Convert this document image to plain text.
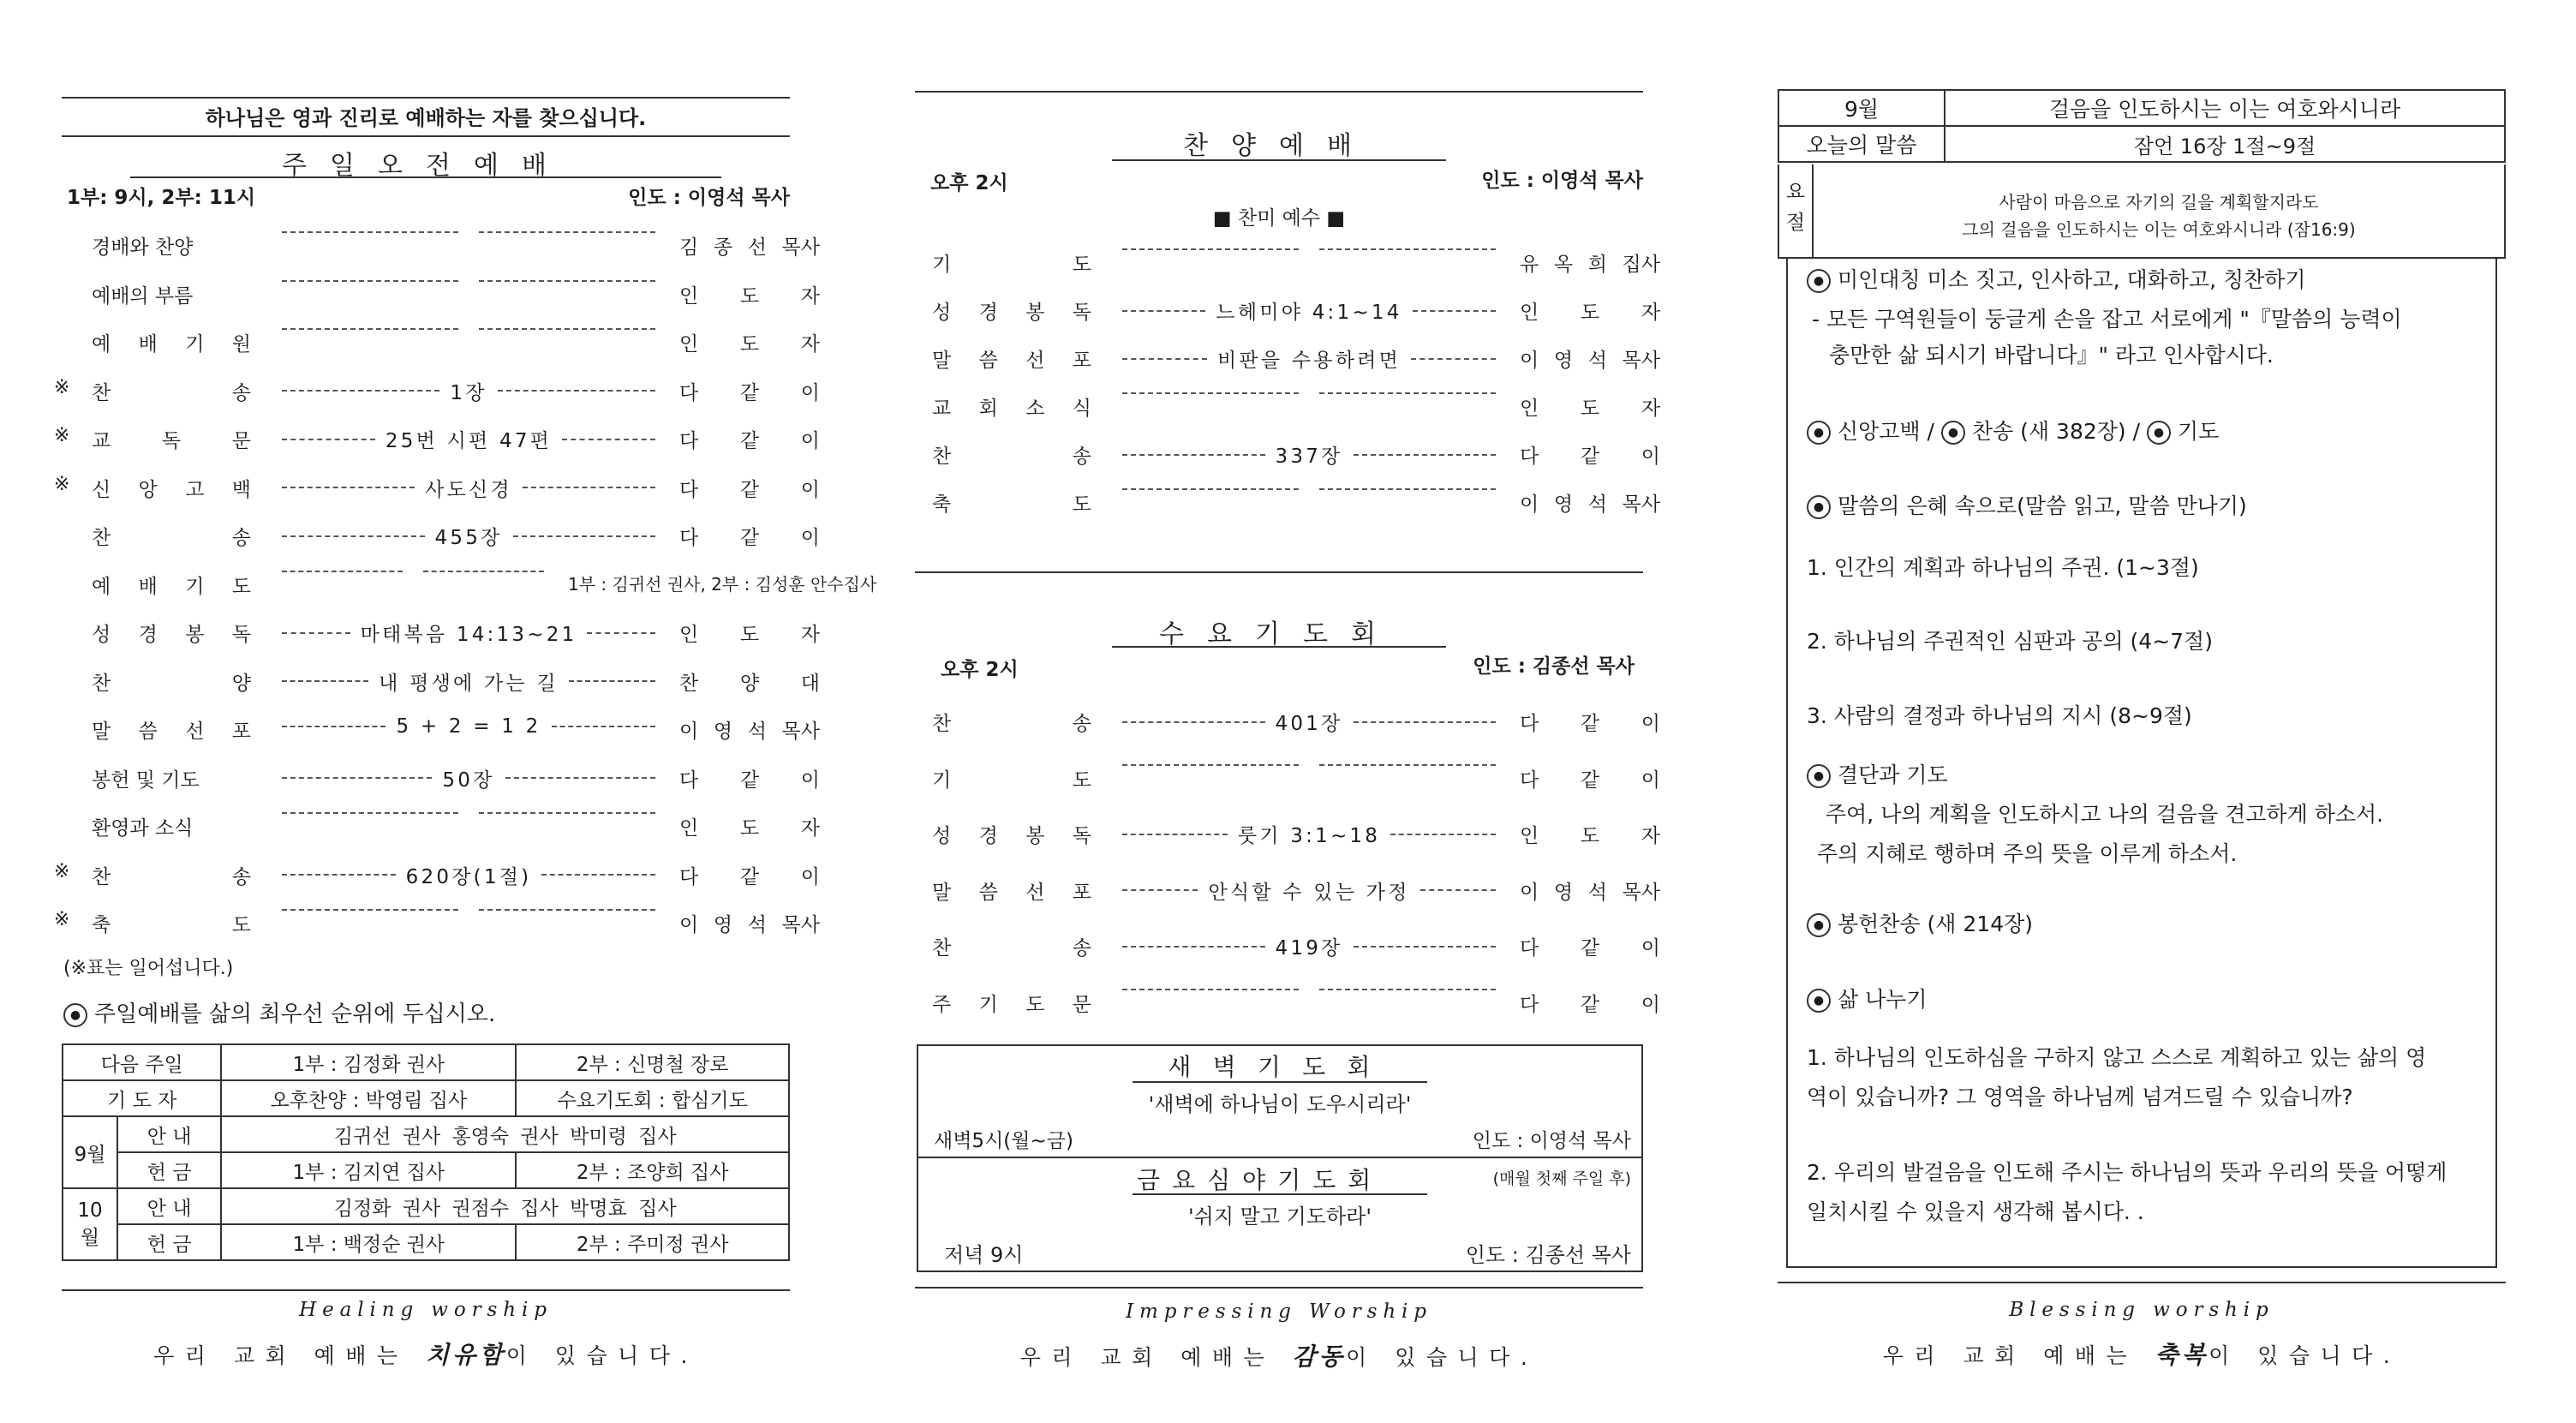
하나님은 영과 진리로 예배하는 자를 찾으십니다.
주일오전예배
1부: 9시, 2부: 11시	인도 : 이영석 목사
경배와 찬양	김 종 선 목사
예배의 부름	인 도 자
예 배 기 원	인 도 자
※ 찬	송	1장	다 같 이
※ 교	독	문	25번 시편 47편	다 같 이
※ 신 앙 고 백	사도신경	다 같 이
찬	송	455장	다 같 이
예 배 기 도	1부 : 김귀선 권사, 2부 : 김성훈 안수집사
성 경 봉 독	마태복음 14:13~21	인 도 자
찬	양	내 평생에 가는 길	찬 양 대
말 씀 선 포	5 + 2 = 1 2	이 영 석 목사
봉헌 및 기도	50장	다 같 이
환영과 소식	인 도 자
※ 찬	송	620장(1절)	다 같 이
※ 축	도	이 영 석 목사
(※표는 일어섭니다.)
● 주일예배를 삶의 최우선 순위에 두십시오.
다음 주일		1부 : 김정화 권사	2부 : 신명철 장로
기 도 자		오후찬양 : 박영림 집사	수요기도회 : 합심기도
9월	안 내	김귀선 권사 홍영숙 권사 박미령 집사	
	헌 금	1부 : 김지연 집사	2부 : 조양희 집사
10월	안 내	김정화 권사 권점수 집사 박명효 집사	
	헌 금	1부 : 백정순 권사	2부 : 주미정 권사
Healing worship
우리 교회 예배는 치유함이 있습니다.
찬양예배
오후 2시	인도 : 이영석 목사
■ 찬미 예수 ■
기	도	유 옥 희 집사
성 경 봉 독	느헤미야 4:1~14	인 도 자
말 씀 선 포	비판을 수용하려면	이 영 석 목사
교 회 소 식	인 도 자
찬	송	337장	다 같 이
축	도	이 영 석 목사
수요기도회
오후 2시	인도 : 김종선 목사
찬	송	401장	다 같 이
기	도	다 같 이
성 경 봉 독	룻기 3:1~18	인 도 자
말 씀 선 포	안식할 수 있는 가정	이 영 석 목사
찬	송	419장	다 같 이
주 기 도 문	다 같 이
새벽기도회
'새벽에 하나님이 도우시리라'
새벽5시(월~금)	인도 : 이영석 목사
금요심야기도회	(매월 첫째 주일 후)
'쉬지 말고 기도하라'
저녁 9시	인도 : 김종선 목사
Impressing Worship
우리 교회 예배는 감동이 있습니다.
9월	걸음을 인도하시는 이는 여호와시니라
오늘의 말씀	잠언 16장 1절~9절
요
절
사람이 마음으로 자기의 길을 계획할지라도
그의 걸음을 인도하시는 이는 여호와시니라 (잠16:9)
● 미인대칭 미소 짓고, 인사하고, 대화하고, 칭찬하기
- 모든 구역원들이 둥글게 손을 잡고 서로에게 "『말씀의 능력이
충만한 삶 되시기 바랍니다』" 라고 인사합시다.
● 신앙고백 / ● 찬송 (새 382장) / ● 기도
● 말씀의 은혜 속으로(말씀 읽고, 말씀 만나기)
1. 인간의 계획과 하나님의 주권. (1~3절)
2. 하나님의 주권적인 심판과 공의 (4~7절)
3. 사람의 결정과 하나님의 지시 (8~9절)
● 결단과 기도
주여, 나의 계획을 인도하시고 나의 걸음을 견고하게 하소서.
주의 지혜로 행하며 주의 뜻을 이루게 하소서.
● 봉헌찬송 (새 214장)
● 삶 나누기
1. 하나님의 인도하심을 구하지 않고 스스로 계획하고 있는 삶의 영
역이 있습니까? 그 영역을 하나님께 넘겨드릴 수 있습니까?
2. 우리의 발걸음을 인도해 주시는 하나님의 뜻과 우리의 뜻을 어떻게
일치시킬 수 있을지 생각해 봅시다. .
Blessing worship
우리 교회 예배는 축복이 있습니다.
